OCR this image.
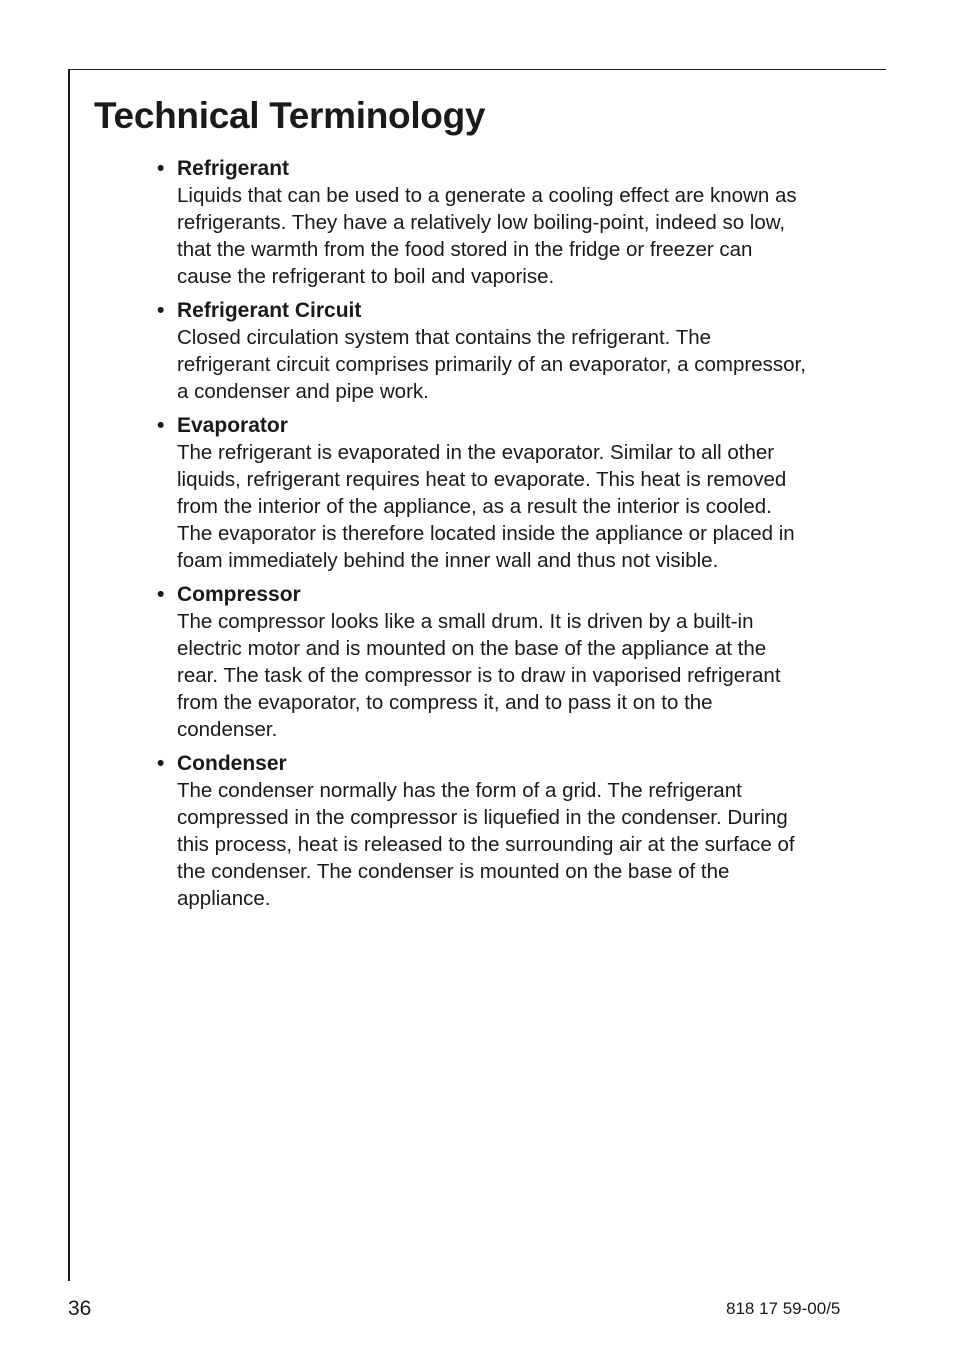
Technical Terminology
• Refrigerant
Liquids that can be used to a generate a cooling effect are known as
refrigerants. They have a relatively low boiling-point, indeed so low,
that the warmth from the food stored in the fridge or freezer can
cause the refrigerant to boil and vaporise.
• Refrigerant Circuit
Closed circulation system that contains the refrigerant. The
refrigerant circuit comprises primarily of an evaporator, a compressor,
a condenser and pipe work.
• Evaporator
The refrigerant is evaporated in the evaporator. Similar to all other
liquids, refrigerant requires heat to evaporate. This heat is removed
from the interior of the appliance, as a result the interior is cooled.
The evaporator is therefore located inside the appliance or placed in
foam immediately behind the inner wall and thus not visible.
• Compressor
The compressor looks like a small drum. It is driven by a built-in
electric motor and is mounted on the base of the appliance at the
rear. The task of the compressor is to draw in vaporised refrigerant
from the evaporator, to compress it, and to pass it on to the
condenser.
• Condenser
The condenser normally has the form of a grid. The refrigerant
compressed in the compressor is liquefied in the condenser. During
this process, heat is released to the surrounding air at the surface of
the condenser. The condenser is mounted on the base of the
appliance.
36	818 17 59-00/5
